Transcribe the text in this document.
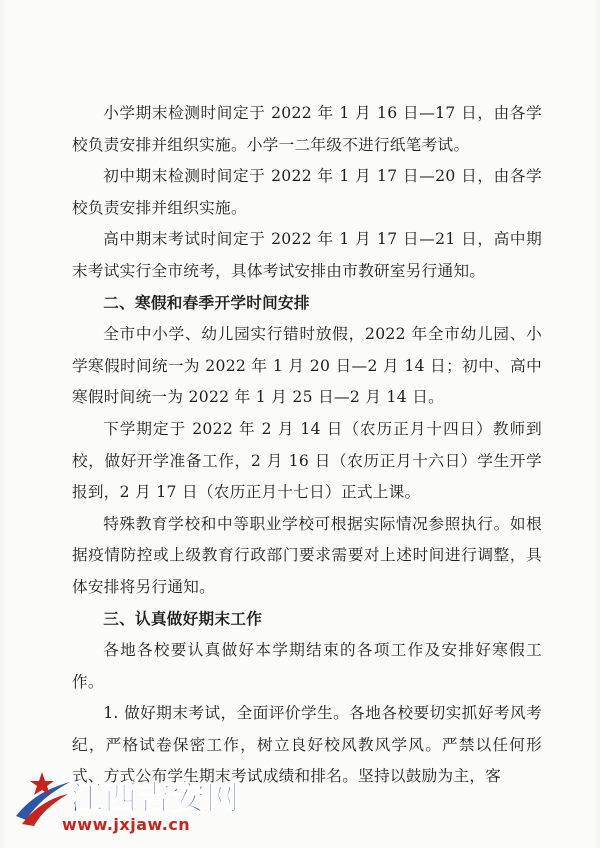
小学期末检测时间定于 2022 年 1 月 16 日—17 日，由各学校负责安排并组织实施。小学一二年级不进行纸笔考试。

初中期末检测时间定于 2022 年 1 月 17 日—20 日，由各学校负责安排并组织实施。

高中期末考试时间定于 2022 年 1 月 17 日—21 日，高中期末考试实行全市统考，具体考试安排由市教研室另行通知。

二、寒假和春季开学时间安排

全市中小学、幼儿园实行错时放假，2022 年全市幼儿园、小学寒假时间统一为 2022 年 1 月 20 日—2 月 14 日；初中、高中寒假时间统一为 2022 年 1 月 25 日—2 月 14 日。

下学期定于 2022 年 2 月 14 日（农历正月十四日）教师到校，做好开学准备工作，2 月 16 日（农历正月十六日）学生开学报到，2 月 17 日（农历正月十七日）正式上课。

特殊教育学校和中等职业学校可根据实际情况参照执行。如根据疫情防控或上级教育行政部门要求需要对上述时间进行调整，具体安排将另行通知。

三、认真做好期末工作

各地各校要认真做好本学期结束的各项工作及安排好寒假工作。

1. 做好期末考试，全面评价学生。各地各校要切实抓好考风考纪，严格试卷保密工作，树立良好校风教风学风。严禁以任何形式、方式公布学生期末考试成绩和排名。坚持以鼓励为主，客

江西吉安网
www.jxjaw.cn
